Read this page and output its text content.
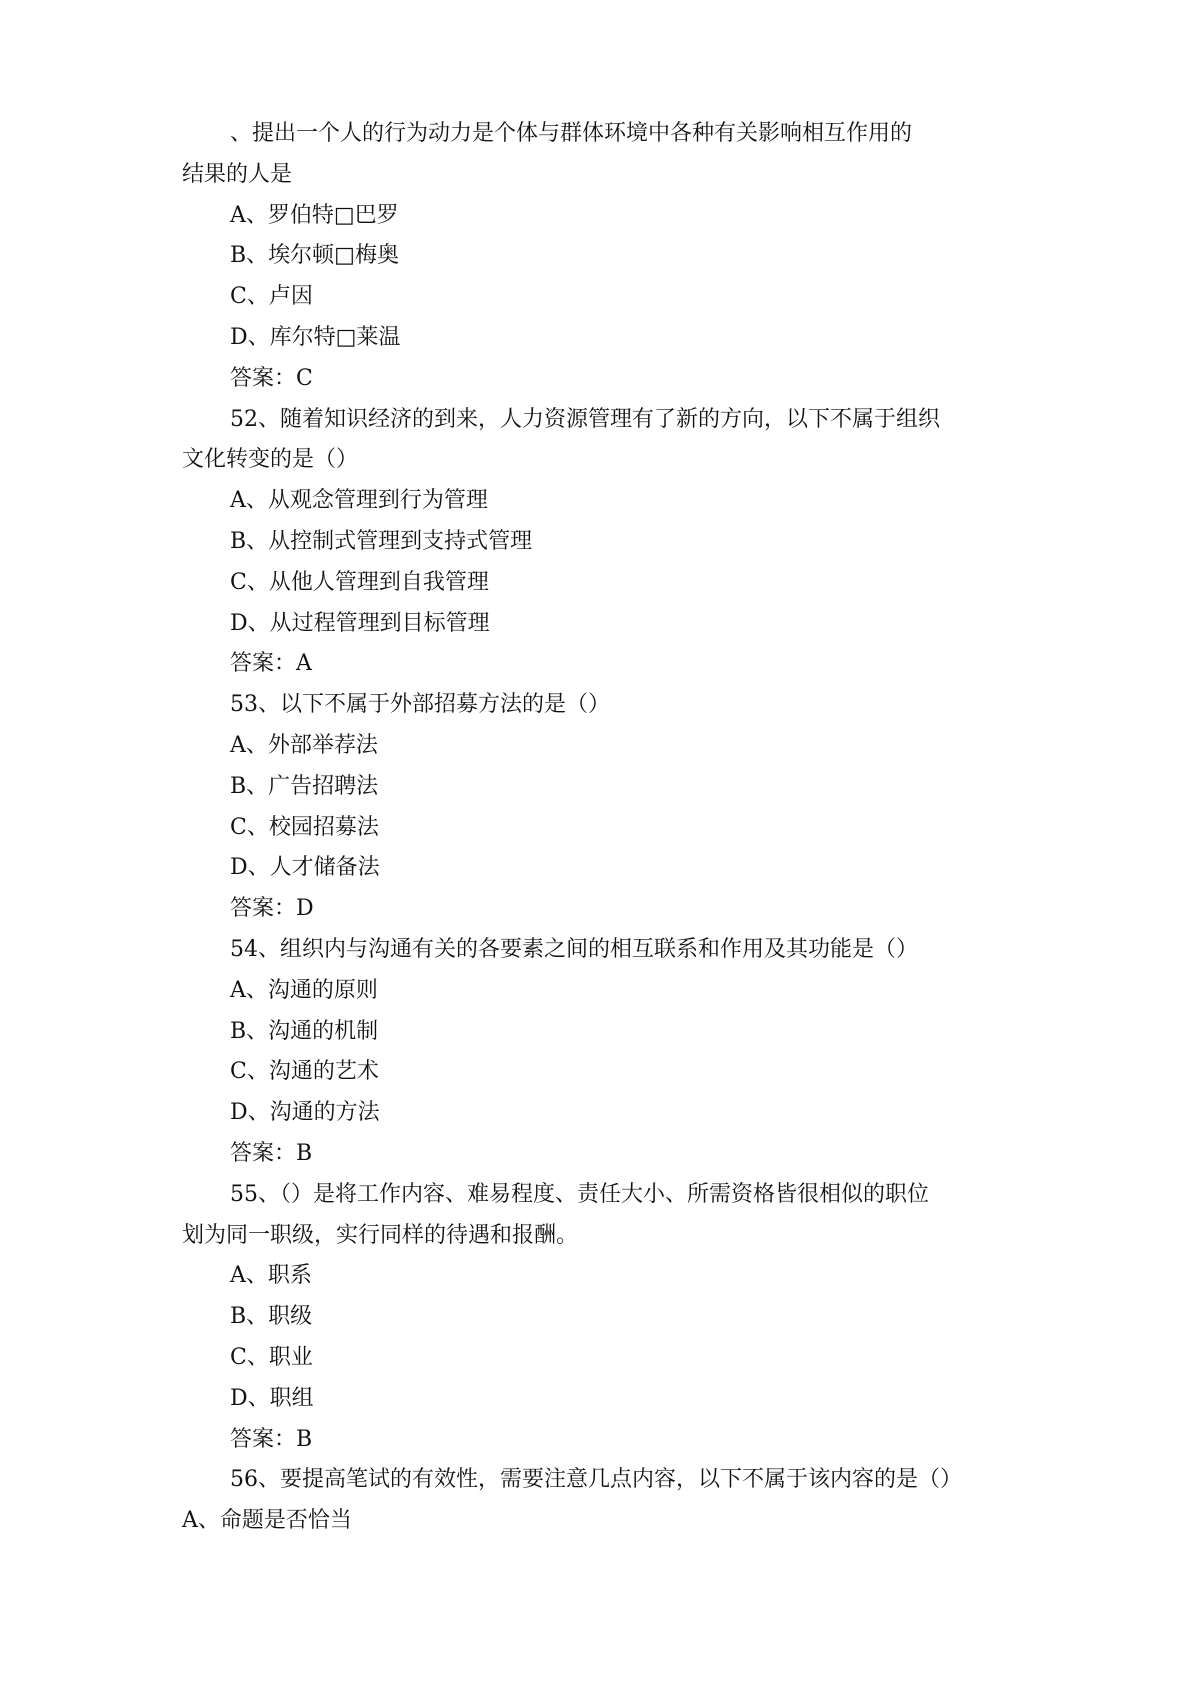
、提出一个人的行为动力是个体与群体环境中各种有关影响相互作用的
结果的人是
A、罗伯特□巴罗
B、埃尔顿□梅奥
C、卢因
D、库尔特□莱温
答案：C
52、随着知识经济的到来，人力资源管理有了新的方向，以下不属于组织
文化转变的是（）
A、从观念管理到行为管理
B、从控制式管理到支持式管理
C、从他人管理到自我管理
D、从过程管理到目标管理
答案：A
53、以下不属于外部招募方法的是（）
A、外部举荐法
B、广告招聘法
C、校园招募法
D、人才储备法
答案：D
54、组织内与沟通有关的各要素之间的相互联系和作用及其功能是（）
A、沟通的原则
B、沟通的机制
C、沟通的艺术
D、沟通的方法
答案：B
55、（）是将工作内容、难易程度、责任大小、所需资格皆很相似的职位
划为同一职级，实行同样的待遇和报酬。
A、职系
B、职级
C、职业
D、职组
答案：B
56、要提高笔试的有效性，需要注意几点内容，以下不属于该内容的是（）
A、命题是否恰当
